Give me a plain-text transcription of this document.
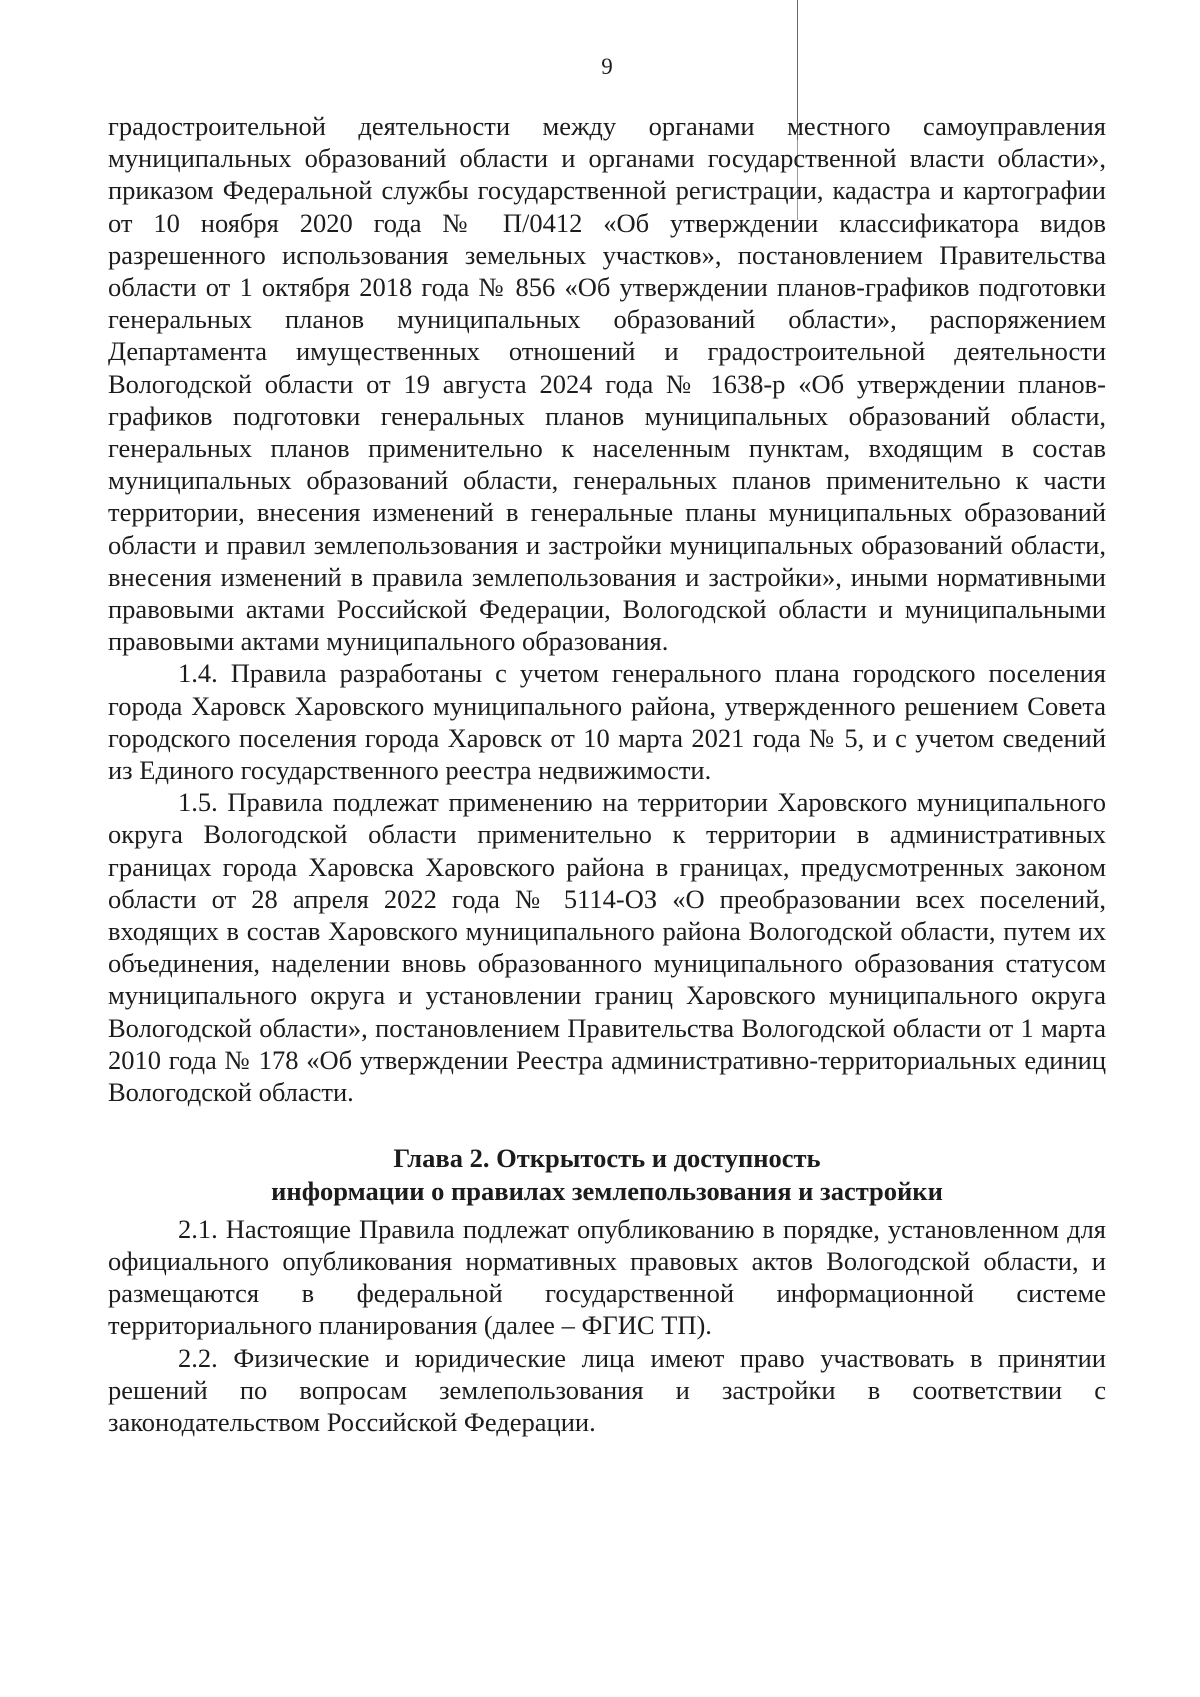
9

градостроительной деятельности между органами местного самоуправления муниципальных образований области и органами государственной власти области», приказом Федеральной службы государственной регистрации, кадастра и картографии от 10 ноября 2020 года № П/0412 «Об утверждении классификатора видов разрешенного использования земельных участков», постановлением Правительства области от 1 октября 2018 года № 856 «Об утверждении планов-графиков подготовки генеральных планов муниципальных образований области», распоряжением Департамента имущественных отношений и градостроительной деятельности Вологодской области от 19 августа 2024 года № 1638-р «Об утверждении планов-графиков подготовки генеральных планов муниципальных образований области, генеральных планов применительно к населенным пунктам, входящим в состав муниципальных образований области, генеральных планов применительно к части территории, внесения изменений в генеральные планы муниципальных образований области и правил землепользования и застройки муниципальных образований области, внесения изменений в правила землепользования и застройки», иными нормативными правовыми актами Российской Федерации, Вологодской области и муниципальными правовыми актами муниципального образования.

1.4. Правила разработаны с учетом генерального плана городского поселения города Харовск Харовского муниципального района, утвержденного решением Совета городского поселения города Харовск от 10 марта 2021 года № 5, и с учетом сведений из Единого государственного реестра недвижимости.

1.5. Правила подлежат применению на территории Харовского муниципального округа Вологодской области применительно к территории в административных границах города Харовска Харовского района в границах, предусмотренных законом области от 28 апреля 2022 года № 5114-ОЗ «О преобразовании всех поселений, входящих в состав Харовского муниципального района Вологодской области, путем их объединения, наделении вновь образованного муниципального образования статусом муниципального округа и установлении границ Харовского муниципального округа Вологодской области», постановлением Правительства Вологодской области от 1 марта 2010 года № 178 «Об утверждении Реестра административно-территориальных единиц Вологодской области.

Глава 2. Открытость и доступность
информации о правилах землепользования и застройки

2.1. Настоящие Правила подлежат опубликованию в порядке, установленном для официального опубликования нормативных правовых актов Вологодской области, и размещаются в федеральной государственной информационной системе территориального планирования (далее – ФГИС ТП).

2.2. Физические и юридические лица имеют право участвовать в принятии решений по вопросам землепользования и застройки в соответствии с законодательством Российской Федерации.
